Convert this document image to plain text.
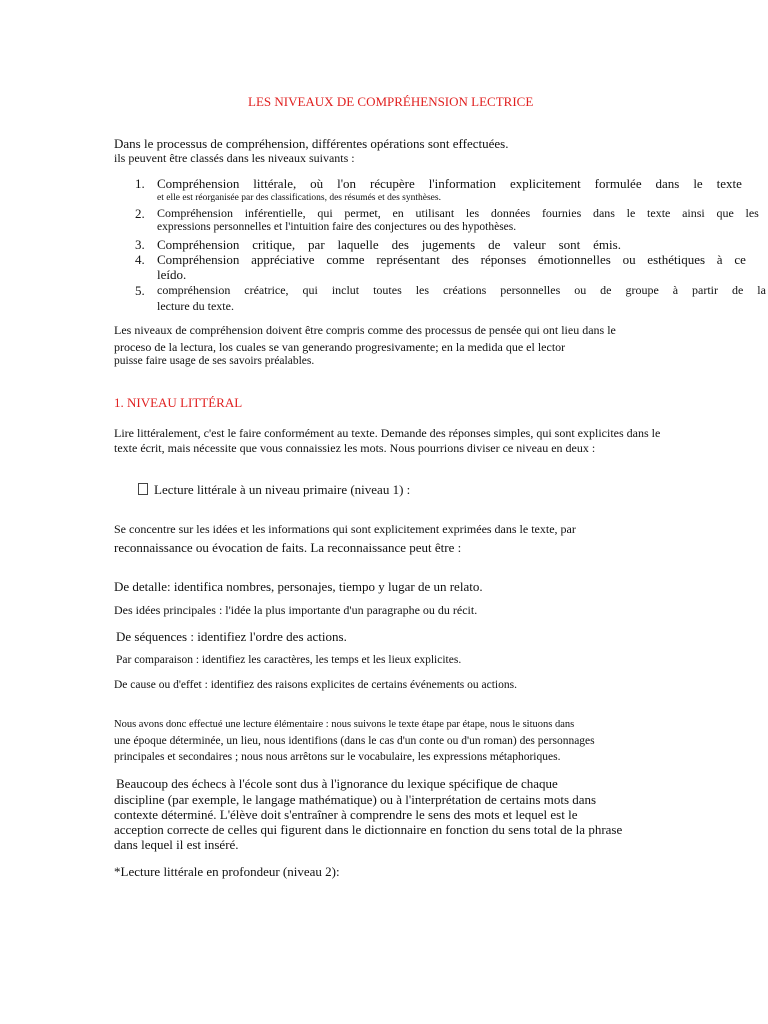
LES NIVEAUX DE COMPRÉHENSION LECTRICE
Dans le processus de compréhension, différentes opérations sont effectuées.
ils peuvent être classés dans les niveaux suivants :
1. Compréhension littérale, où l'on récupère l'information explicitement formulée dans le texte
et elle est réorganisée par des classifications, des résumés et des synthèses.
2. Compréhension inférentielle, qui permet, en utilisant les données fournies dans le texte ainsi que les
expressions personnelles et l'intuition faire des conjectures ou des hypothèses.
3. Compréhension critique, par laquelle des jugements de valeur sont émis.
4. Compréhension appréciative comme représentant des réponses émotionnelles ou esthétiques à ce
leído.
5. compréhension créatrice, qui inclut toutes les créations personnelles ou de groupe à partir de la
lecture du texte.
Les niveaux de compréhension doivent être compris comme des processus de pensée qui ont lieu dans le
proceso de la lectura, los cuales se van generando progresivamente; en la medida que el lector
puisse faire usage de ses savoirs préalables.
1. NIVEAU LITTÉRAL
Lire littéralement, c'est le faire conformément au texte. Demande des réponses simples, qui sont explicites dans le
texte écrit, mais nécessite que vous connaissiez les mots. Nous pourrions diviser ce niveau en deux :
Lecture littérale à un niveau primaire (niveau 1) :
Se concentre sur les idées et les informations qui sont explicitement exprimées dans le texte, par
reconnaissance ou évocation de faits. La reconnaissance peut être :
De detalle: identifica nombres, personajes, tiempo y lugar de un relato.
Des idées principales : l'idée la plus importante d'un paragraphe ou du récit.
De séquences : identifiez l'ordre des actions.
Par comparaison : identifiez les caractères, les temps et les lieux explicites.
De cause ou d'effet : identifiez des raisons explicites de certains événements ou actions.
Nous avons donc effectué une lecture élémentaire : nous suivons le texte étape par étape, nous le situons dans
une époque déterminée, un lieu, nous identifions (dans le cas d'un conte ou d'un roman) des personnages
principales et secondaires ; nous nous arrêtons sur le vocabulaire, les expressions métaphoriques.
Beaucoup des échecs à l'école sont dus à l'ignorance du lexique spécifique de chaque
discipline (par exemple, le langage mathématique) ou à l'interprétation de certains mots dans
contexte déterminé. L'élève doit s'entraîner à comprendre le sens des mots et lequel est le
acception correcte de celles qui figurent dans le dictionnaire en fonction du sens total de la phrase
dans lequel il est inséré.
*Lecture littérale en profondeur (niveau 2):
